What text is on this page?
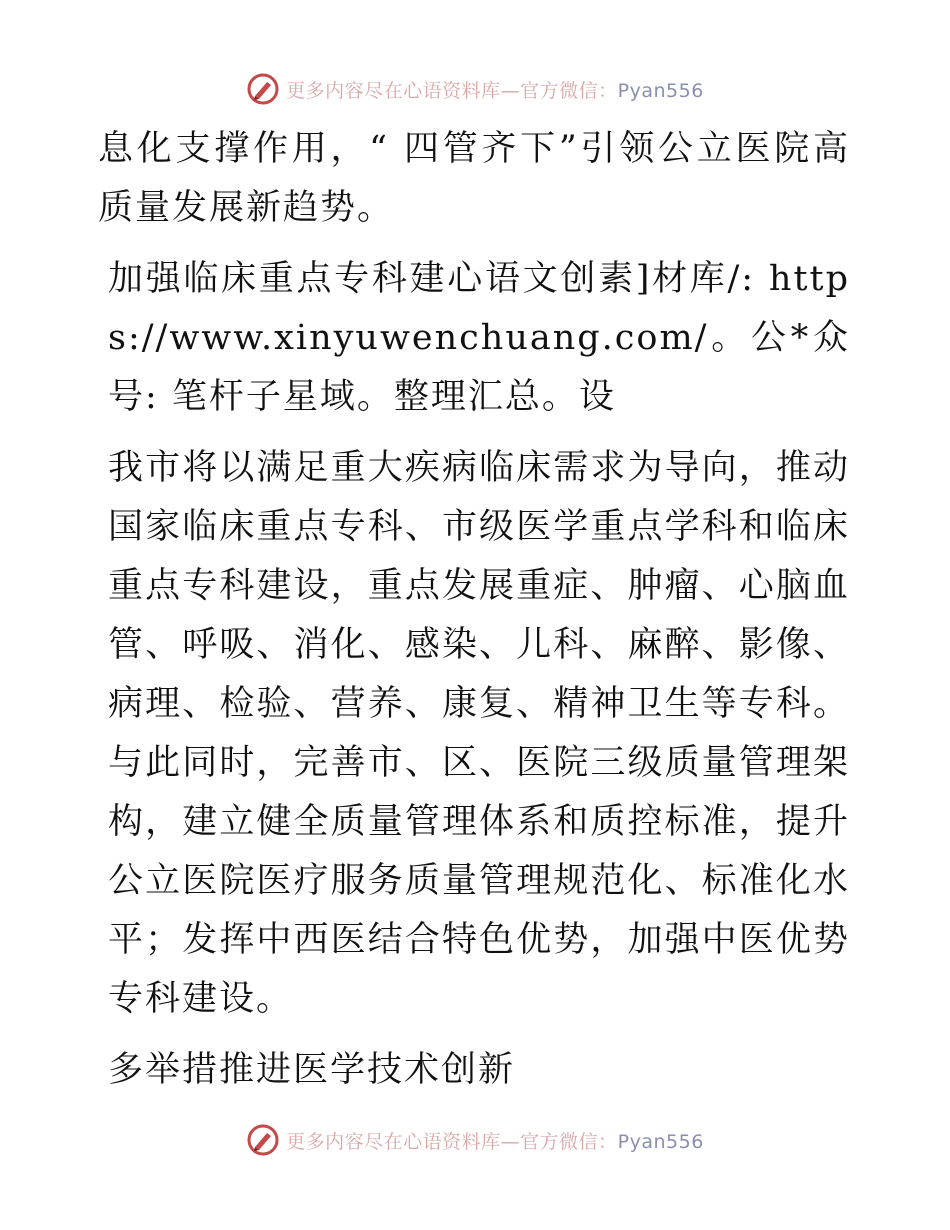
更多内容尽在心语资料库—官方微信：Pyan556

息化支撑作用，“ 四管齐下”引领公立医院高质量发展新趋势。

加强临床重点专科建心语文创素]材库/: https://www.xinyuwenchuang.com/。公*众号: 笔杆子星域。整理汇总。设

我市将以满足重大疾病临床需求为导向，推动国家临床重点专科、市级医学重点学科和临床重点专科建设，重点发展重症、肿瘤、心脑血管、呼吸、消化、感染、儿科、麻醉、影像、病理、检验、营养、康复、精神卫生等专科。与此同时，完善市、区、医院三级质量管理架构，建立健全质量管理体系和质控标准，提升公立医院医疗服务质量管理规范化、标准化水平；发挥中西医结合特色优势，加强中医优势专科建设。

多举措推进医学技术创新

更多内容尽在心语资料库—官方微信：Pyan556
